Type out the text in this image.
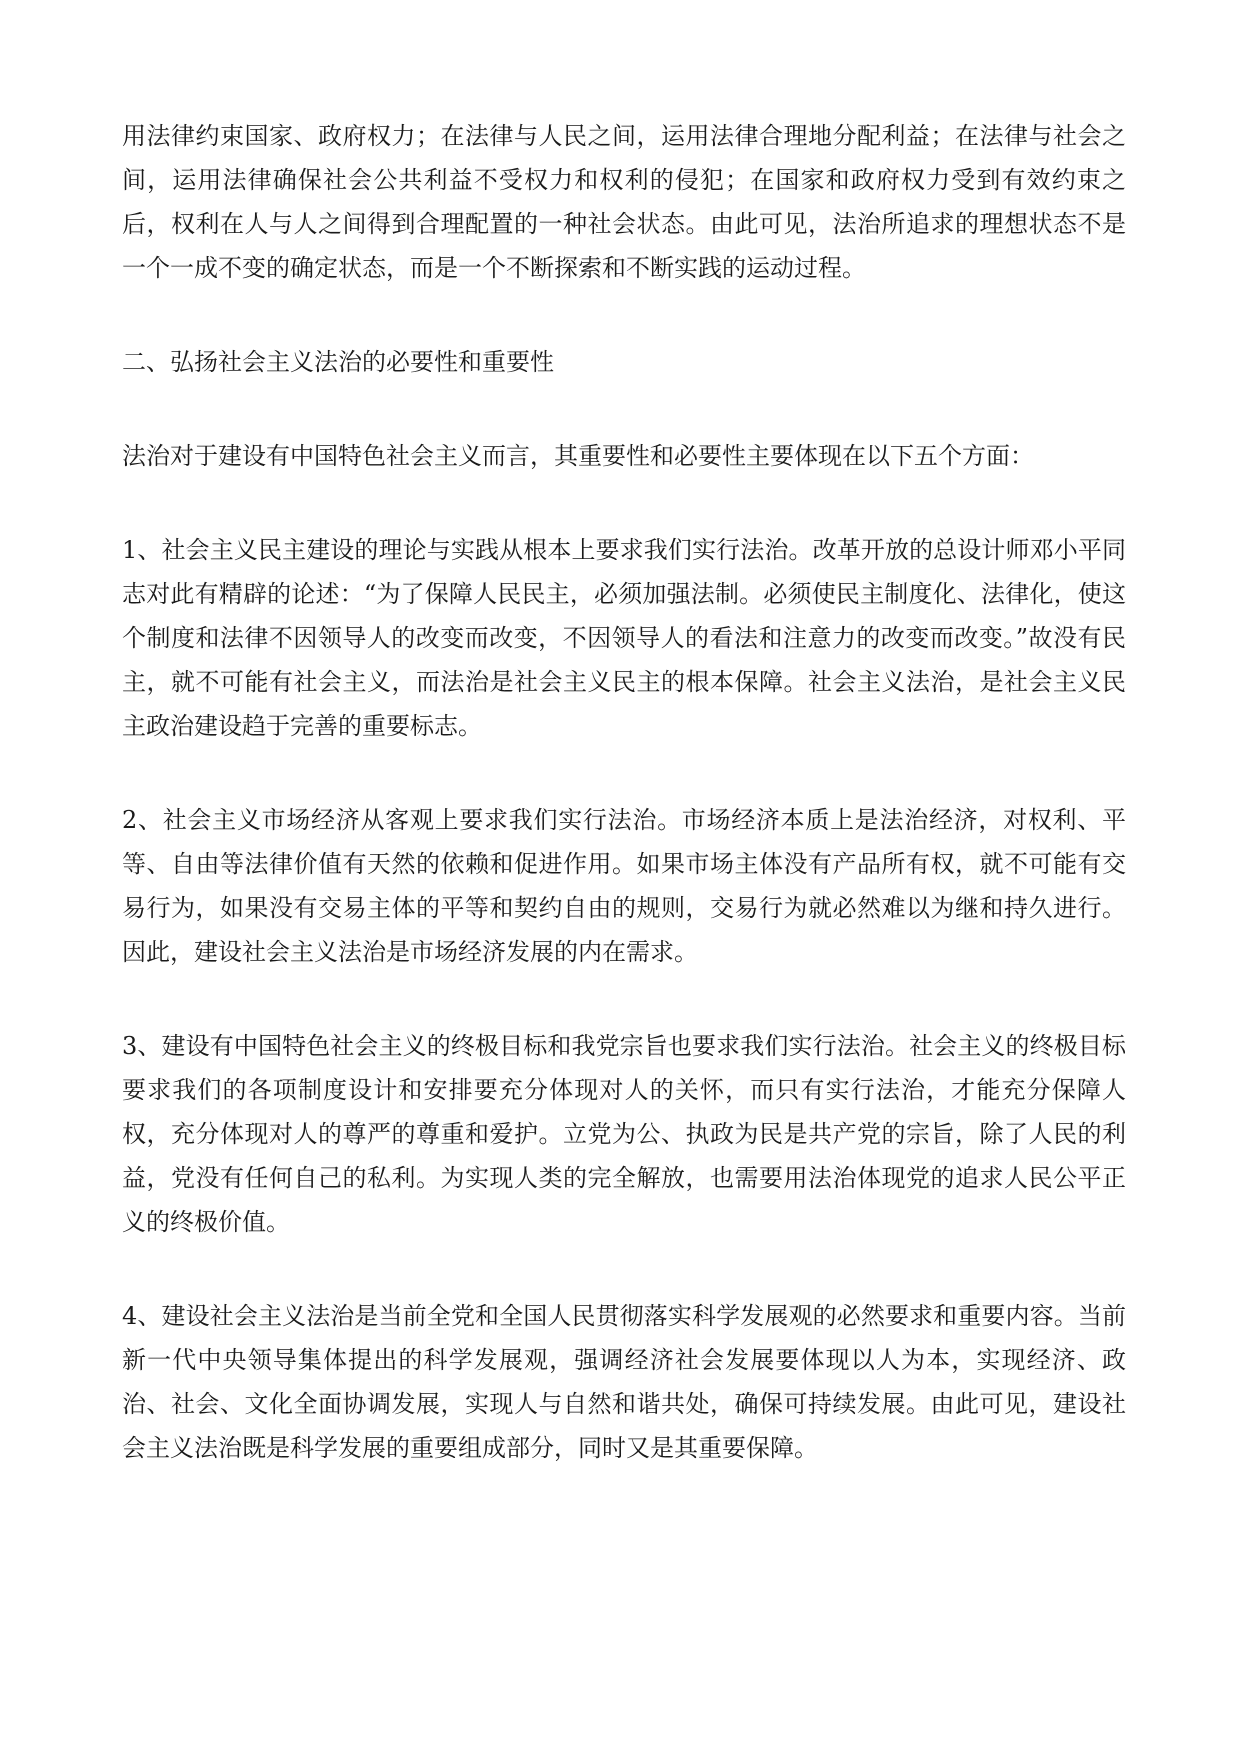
用法律约束国家、政府权力；在法律与人民之间，运用法律合理地分配利益；在法律与社会之间，运用法律确保社会公共利益不受权力和权利的侵犯；在国家和政府权力受到有效约束之后，权利在人与人之间得到合理配置的一种社会状态。由此可见，法治所追求的理想状态不是一个一成不变的确定状态，而是一个不断探索和不断实践的运动过程。

二、弘扬社会主义法治的必要性和重要性

法治对于建设有中国特色社会主义而言，其重要性和必要性主要体现在以下五个方面：

1、社会主义民主建设的理论与实践从根本上要求我们实行法治。改革开放的总设计师邓小平同志对此有精辟的论述：“为了保障人民民主，必须加强法制。必须使民主制度化、法律化，使这个制度和法律不因领导人的改变而改变，不因领导人的看法和注意力的改变而改变。”故没有民主，就不可能有社会主义，而法治是社会主义民主的根本保障。社会主义法治，是社会主义民主政治建设趋于完善的重要标志。

2、社会主义市场经济从客观上要求我们实行法治。市场经济本质上是法治经济，对权利、平等、自由等法律价值有天然的依赖和促进作用。如果市场主体没有产品所有权，就不可能有交易行为，如果没有交易主体的平等和契约自由的规则，交易行为就必然难以为继和持久进行。因此，建设社会主义法治是市场经济发展的内在需求。

3、建设有中国特色社会主义的终极目标和我党宗旨也要求我们实行法治。社会主义的终极目标要求我们的各项制度设计和安排要充分体现对人的关怀，而只有实行法治，才能充分保障人权，充分体现对人的尊严的尊重和爱护。立党为公、执政为民是共产党的宗旨，除了人民的利益，党没有任何自己的私利。为实现人类的完全解放，也需要用法治体现党的追求人民公平正义的终极价值。

4、建设社会主义法治是当前全党和全国人民贯彻落实科学发展观的必然要求和重要内容。当前新一代中央领导集体提出的科学发展观，强调经济社会发展要体现以人为本，实现经济、政治、社会、文化全面协调发展，实现人与自然和谐共处，确保可持续发展。由此可见，建设社会主义法治既是科学发展的重要组成部分，同时又是其重要保障。
